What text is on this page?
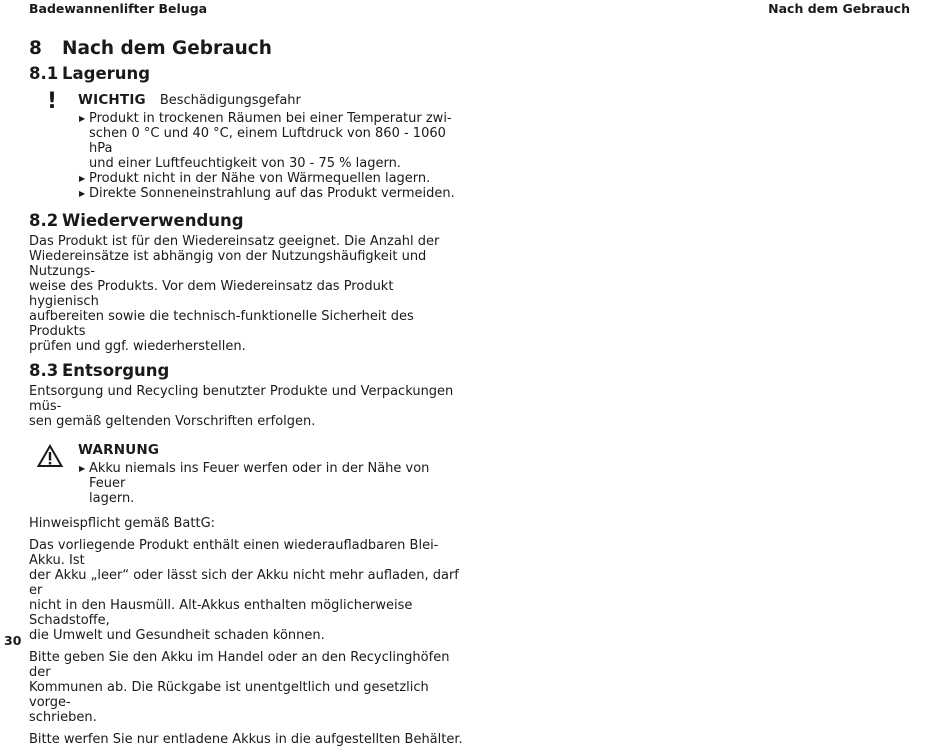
Badewannenlifter Beluga	Nach dem Gebrauch
8 Nach dem Gebrauch
8.1 Lagerung
! WICHTIG Beschädigungsgefahr
▶ Produkt in trockenen Räumen bei einer Temperatur zwi-
schen 0 °C und 40 °C, einem Luftdruck von 860 - 1060 hPa
und einer Luftfeuchtigkeit von 30 - 75 % lagern.
▶ Produkt nicht in der Nähe von Wärmequellen lagern.
▶ Direkte Sonneneinstrahlung auf das Produkt vermeiden.
8.2 Wiederverwendung

Das Produkt ist für den Wiedereinsatz geeignet. Die Anzahl der
Wiedereinsätze ist abhängig von der Nutzungshäufigkeit und Nutzungs-
weise des Produkts. Vor dem Wiedereinsatz das Produkt hygienisch
aufbereiten sowie die technisch-funktionelle Sicherheit des Produkts
prüfen und ggf. wiederherstellen.

8.3 Entsorgung

Entsorgung und Recycling benutzter Produkte und Verpackungen müs-
sen gemäß geltenden Vorschriften erfolgen.

WARNUNG
▶ Akku niemals ins Feuer werfen oder in der Nähe von Feuer
lagern.

Hinweispflicht gemäß BattG:

Das vorliegende Produkt enthält einen wiederaufladbaren Blei-Akku. Ist
der Akku „leer“ oder lässt sich der Akku nicht mehr aufladen, darf er
nicht in den Hausmüll. Alt-Akkus enthalten möglicherweise Schadstoffe,
die Umwelt und Gesundheit schaden können.

Bitte geben Sie den Akku im Handel oder an den Recyclinghöfen der
Kommunen ab. Die Rückgabe ist unentgeltlich und gesetzlich vorge-
schrieben.

Bitte werfen Sie nur entladene Akkus in die aufgestellten Behälter.

30
